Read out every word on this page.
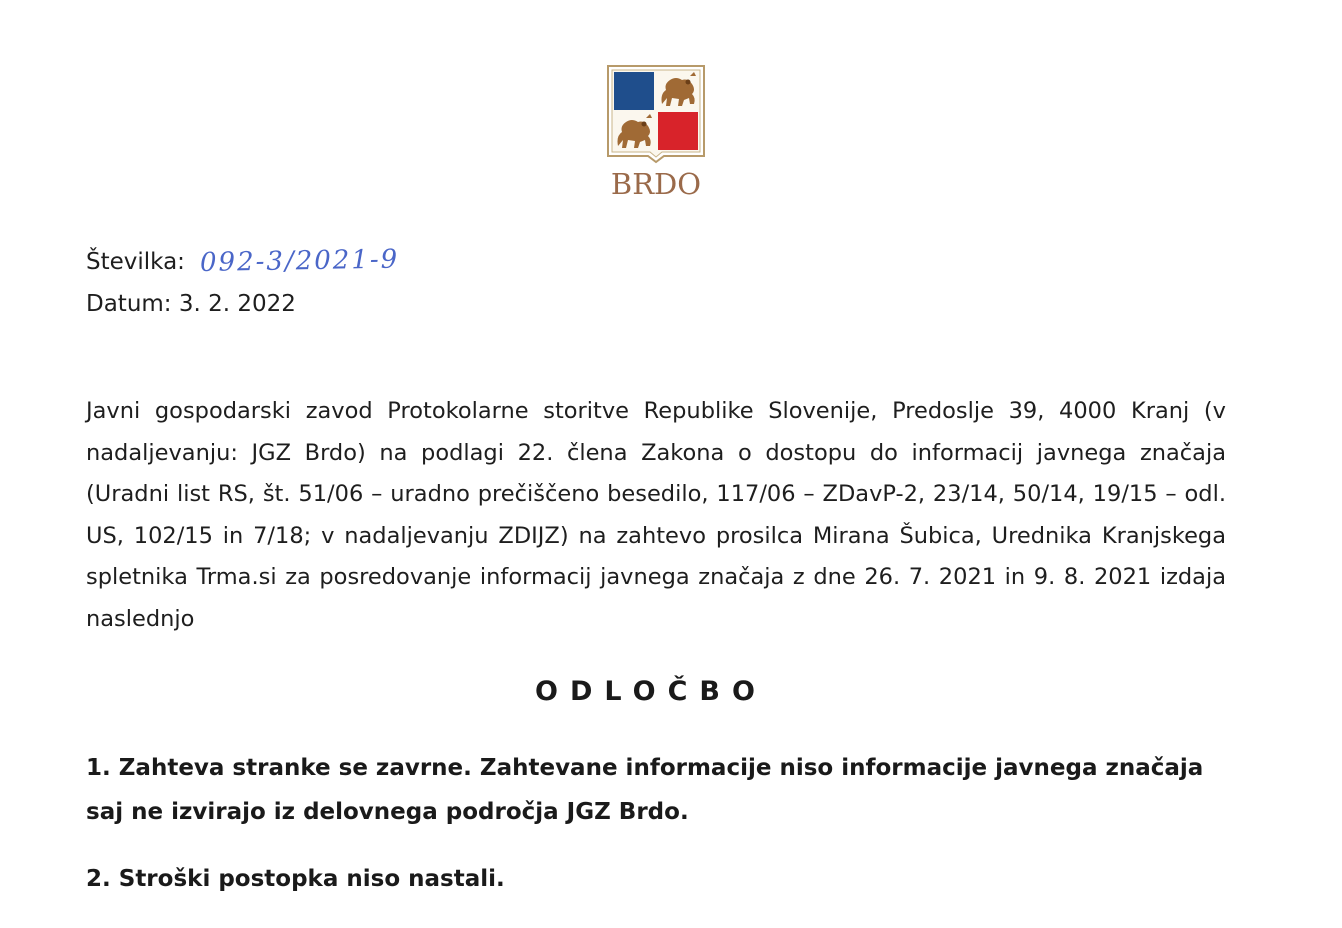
BRDO
Številka: 092-3/2021-9
Datum: 3. 2. 2022

Javni gospodarski zavod Protokolarne storitve Republike Slovenije, Predoslje 39, 4000 Kranj (v nadaljevanju: JGZ Brdo) na podlagi 22. člena Zakona o dostopu do informacij javnega značaja (Uradni list RS, št. 51/06 – uradno prečiščeno besedilo, 117/06 – ZDavP-2, 23/14, 50/14, 19/15 – odl. US, 102/15 in 7/18; v nadaljevanju ZDIJZ) na zahtevo prosilca Mirana Šubica, Urednika Kranjskega spletnika Trma.si za posredovanje informacij javnega značaja z dne 26. 7. 2021 in 9. 8. 2021 izdaja naslednjo

ODLOČBO

1. Zahteva stranke se zavrne. Zahtevane informacije niso informacije javnega značaja saj ne izvirajo iz delovnega področja JGZ Brdo.

2. Stroški postopka niso nastali.
